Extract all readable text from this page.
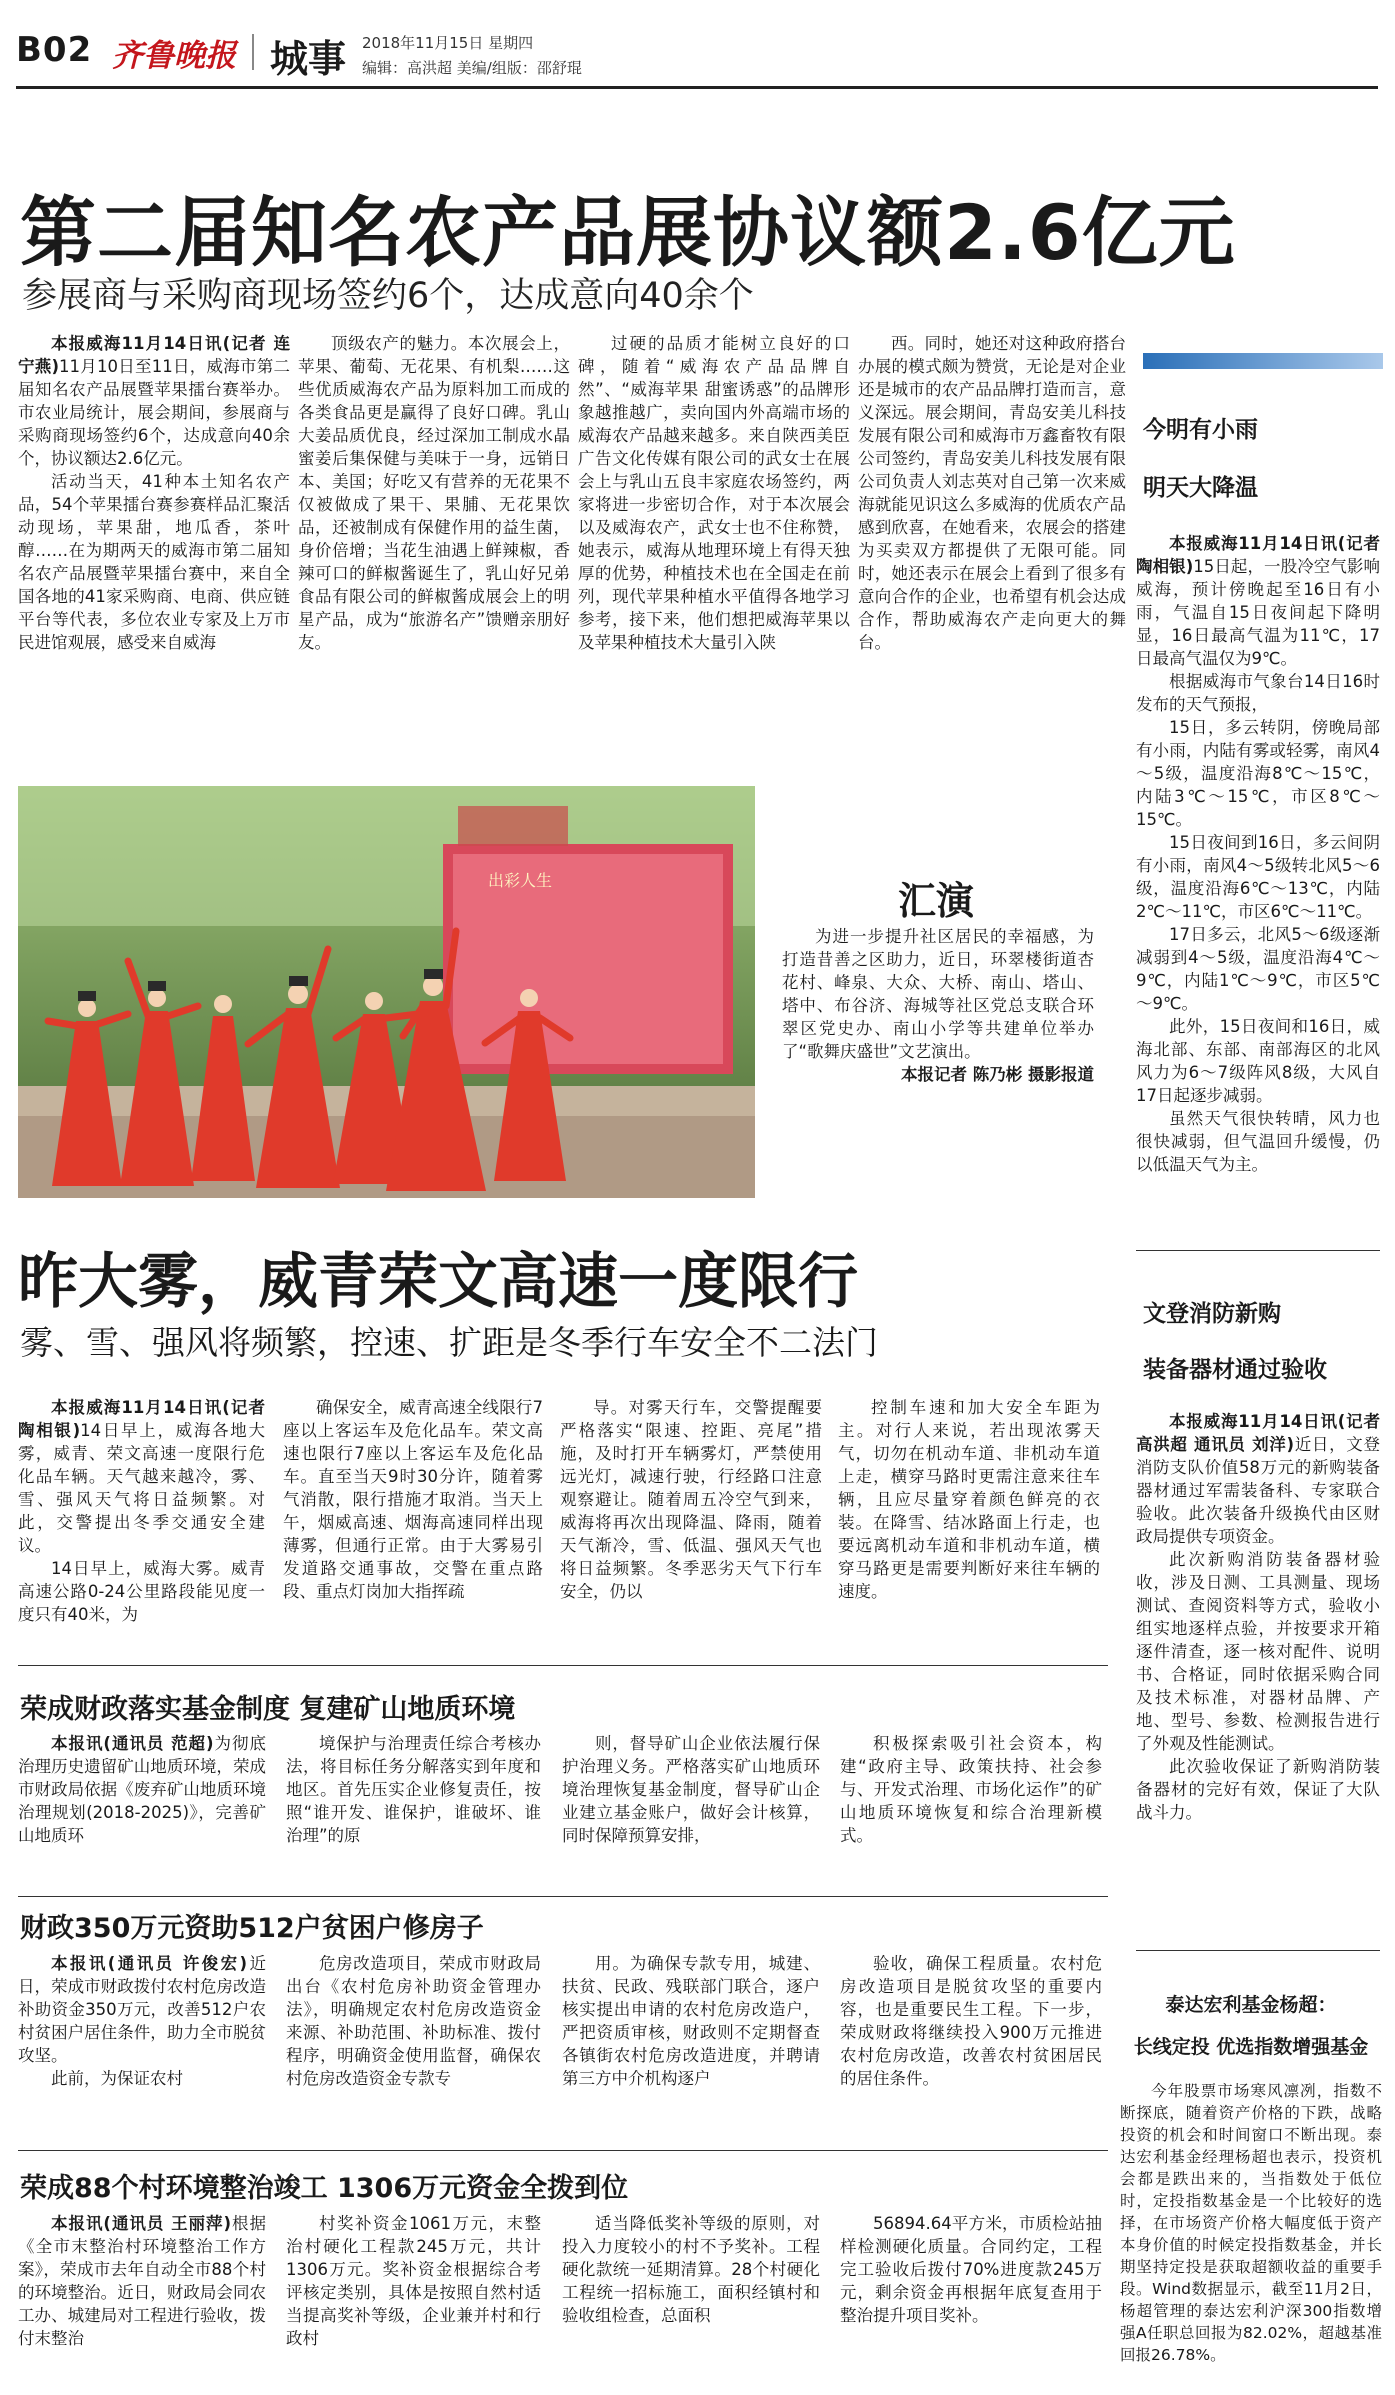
B02 齐鲁晚报 城事 2018年11月15日 星期四
编辑：高洪超 美编/组版：邵舒琨
第二届知名农产品展协议额2.6亿元
参展商与采购商现场签约6个，达成意向40余个

本报威海11月14日讯(记者 连宁燕)11月10日至11日，威海市第二届知名农产品展暨苹果擂台赛举办。市农业局统计，展会期间，参展商与采购商现场签约6个，达成意向40余个，协议额达2.6亿元。

活动当天，41种本土知名农产品，54个苹果擂台赛参赛样品汇聚活动现场，苹果甜，地瓜香，茶叶醇……在为期两天的威海市第二届知名农产品展暨苹果擂台赛中，来自全国各地的41家采购商、电商、供应链平台等代表，多位农业专家及上万市民进馆观展，感受来自威海

顶级农产的魅力。本次展会上，苹果、葡萄、无花果、有机梨……这些优质威海农产品为原料加工而成的各类食品更是赢得了良好口碑。乳山大姜品质优良，经过深加工制成水晶蜜姜后集保健与美味于一身，远销日本、美国；好吃又有营养的无花果不仅被做成了果干、果脯、无花果饮品，还被制成有保健作用的益生菌，身价倍增；当花生油遇上鲜辣椒，香辣可口的鲜椒酱诞生了，乳山好兄弟食品有限公司的鲜椒酱成展会上的明星产品，成为“旅游名产”馈赠亲朋好友。

过硬的品质才能树立良好的口碑，随着“威海农产品品牌自然”、“威海苹果 甜蜜诱惑”的品牌形象越推越广，卖向国内外高端市场的威海农产品越来越多。来自陕西美臣广告文化传媒有限公司的武女士在展会上与乳山五良丰家庭农场签约，两家将进一步密切合作，对于本次展会以及威海农产，武女士也不住称赞，她表示，威海从地理环境上有得天独厚的优势，种植技术也在全国走在前列，现代苹果种植水平值得各地学习参考，接下来，他们想把威海苹果以及苹果种植技术大量引入陕

西。同时，她还对这种政府搭台办展的模式颇为赞赏，无论是对企业还是城市的农产品品牌打造而言，意义深远。展会期间，青岛安美儿科技发展有限公司和威海市万鑫畜牧有限公司签约，青岛安美儿科技发展有限公司负责人刘志英对自己第一次来威海就能见识这么多威海的优质农产品感到欣喜，在她看来，农展会的搭建为买卖双方都提供了无限可能。同时，她还表示在展会上看到了很多有意向合作的企业，也希望有机会达成合作，帮助威海农产走向更大的舞台。

出彩人生	汇演

为进一步提升社区居民的幸福感，为打造昔善之区助力，近日，环翠楼街道杏花村、峰泉、大众、大桥、南山、塔山、塔中、布谷济、海城等社区党总支联合环翠区党史办、南山小学等共建单位举办了“歌舞庆盛世”文艺演出。

本报记者 陈乃彬 摄影报道
今明有小雨
明天大降温

本报威海11月14日讯(记者 陶相银)15日起，一股冷空气影响威海，预计傍晚起至16日有小雨，气温自15日夜间起下降明显，16日最高气温为11℃，17日最高气温仅为9℃。

根据威海市气象台14日16时发布的天气预报，

15日，多云转阴，傍晚局部有小雨，内陆有雾或轻雾，南风4～5级，温度沿海8℃～15℃，内陆3℃～15℃，市区8℃～15℃。

15日夜间到16日，多云间阴有小雨，南风4～5级转北风5～6级，温度沿海6℃～13℃，内陆2℃～11℃，市区6℃～11℃。

17日多云，北风5～6级逐渐减弱到4～5级，温度沿海4℃～9℃，内陆1℃～9℃，市区5℃～9℃。

此外，15日夜间和16日，威海北部、东部、南部海区的北风风力为6～7级阵风8级，大风自17日起逐步减弱。

虽然天气很快转晴，风力也很快减弱，但气温回升缓慢，仍以低温天气为主。

文登消防新购
装备器材通过验收

本报威海11月14日讯(记者 高洪超 通讯员 刘洋)近日，文登消防支队价值58万元的新购装备器材通过军需装备科、专家联合验收。此次装备升级换代由区财政局提供专项资金。

此次新购消防装备器材验收，涉及日测、工具测量、现场测试、查阅资料等方式，验收小组实地逐样点验，并按要求开箱逐件清查，逐一核对配件、说明书、合格证，同时依据采购合同及技术标准，对器材品牌、产地、型号、参数、检测报告进行了外观及性能测试。

此次验收保证了新购消防装备器材的完好有效，保证了大队战斗力。

泰达宏利基金杨超：
长线定投 优选指数增强基金

今年股票市场寒风凛冽，指数不断探底，随着资产价格的下跌，战略投资的机会和时间窗口不断出现。泰达宏利基金经理杨超也表示，投资机会都是跌出来的，当指数处于低位时，定投指数基金是一个比较好的选择，在市场资产价格大幅度低于资产本身价值的时候定投指数基金，并长期坚持定投是获取超额收益的重要手段。Wind数据显示，截至11月2日，杨超管理的泰达宏利沪深300指数增强A任职总回报为82.02%，超越基准回报26.78%。

昨大雾，威青荣文高速一度限行
雾、雪、强风将频繁，控速、扩距是冬季行车安全不二法门

本报威海11月14日讯(记者 陶相银)14日早上，威海各地大雾，威青、荣文高速一度限行危化品车辆。天气越来越冷，雾、雪、强风天气将日益频繁。对此，交警提出冬季交通安全建议。

14日早上，威海大雾。威青高速公路0-24公里路段能见度一度只有40米，为

确保安全，威青高速全线限行7座以上客运车及危化品车。荣文高速也限行7座以上客运车及危化品车。直至当天9时30分许，随着雾气消散，限行措施才取消。当天上午，烟威高速、烟海高速同样出现薄雾，但通行正常。由于大雾易引发道路交通事故，交警在重点路段、重点灯岗加大指挥疏

导。对雾天行车，交警提醒要严格落实“限速、控距、亮尾”措施，及时打开车辆雾灯，严禁使用远光灯，减速行驶，行经路口注意观察避让。随着周五冷空气到来，威海将再次出现降温、降雨，随着天气渐冷，雪、低温、强风天气也将日益频繁。冬季恶劣天气下行车安全，仍以

控制车速和加大安全车距为主。对行人来说，若出现浓雾天气，切勿在机动车道、非机动车道上走，横穿马路时更需注意来往车辆，且应尽量穿着颜色鲜亮的衣装。在降雪、结冰路面上行走，也要远离机动车道和非机动车道，横穿马路更是需要判断好来往车辆的速度。

荣成财政落实基金制度 复建矿山地质环境

本报讯(通讯员 范超)为彻底治理历史遗留矿山地质环境，荣成市财政局依据《废弃矿山地质环境治理规划(2018-2025)》，完善矿山地质环

境保护与治理责任综合考核办法，将目标任务分解落实到年度和地区。首先压实企业修复责任，按照“谁开发、谁保护，谁破坏、谁治理”的原

则，督导矿山企业依法履行保护治理义务。严格落实矿山地质环境治理恢复基金制度，督导矿山企业建立基金账户，做好会计核算，同时保障预算安排，

积极探索吸引社会资本，构建“政府主导、政策扶持、社会参与、开发式治理、市场化运作”的矿山地质环境恢复和综合治理新模式。

财政350万元资助512户贫困户修房子

本报讯(通讯员 许俊宏)近日，荣成市财政拨付农村危房改造补助资金350万元，改善512户农村贫困户居住条件，助力全市脱贫攻坚。

此前，为保证农村

危房改造项目，荣成市财政局出台《农村危房补助资金管理办法》，明确规定农村危房改造资金来源、补助范围、补助标准、拨付程序，明确资金使用监督，确保农村危房改造资金专款专

用。为确保专款专用，城建、扶贫、民政、残联部门联合，逐户核实提出申请的农村危房改造户，严把资质审核，财政则不定期督查各镇街农村危房改造进度，并聘请第三方中介机构逐户

验收，确保工程质量。农村危房改造项目是脱贫攻坚的重要内容，也是重要民生工程。下一步，荣成财政将继续投入900万元推进农村危房改造，改善农村贫困居民的居住条件。

荣成88个村环境整治竣工 1306万元资金全拨到位

本报讯(通讯员 王丽萍)根据《全市末整治村环境整治工作方案》，荣成市去年自动全市88个村的环境整治。近日，财政局会同农工办、城建局对工程进行验收，拨付末整治

村奖补资金1061万元，末整治村硬化工程款245万元，共计1306万元。奖补资金根据综合考评核定类别，具体是按照自然村适当提高奖补等级，企业兼并村和行政村

适当降低奖补等级的原则，对投入力度较小的村不予奖补。工程硬化款统一延期清算。28个村硬化工程统一招标施工，面积经镇村和验收组检查，总面积

56894.64平方米，市质检站抽样检测硬化质量。合同约定，工程完工验收后拨付70%进度款245万元，剩余资金再根据年底复查用于整治提升项目奖补。
